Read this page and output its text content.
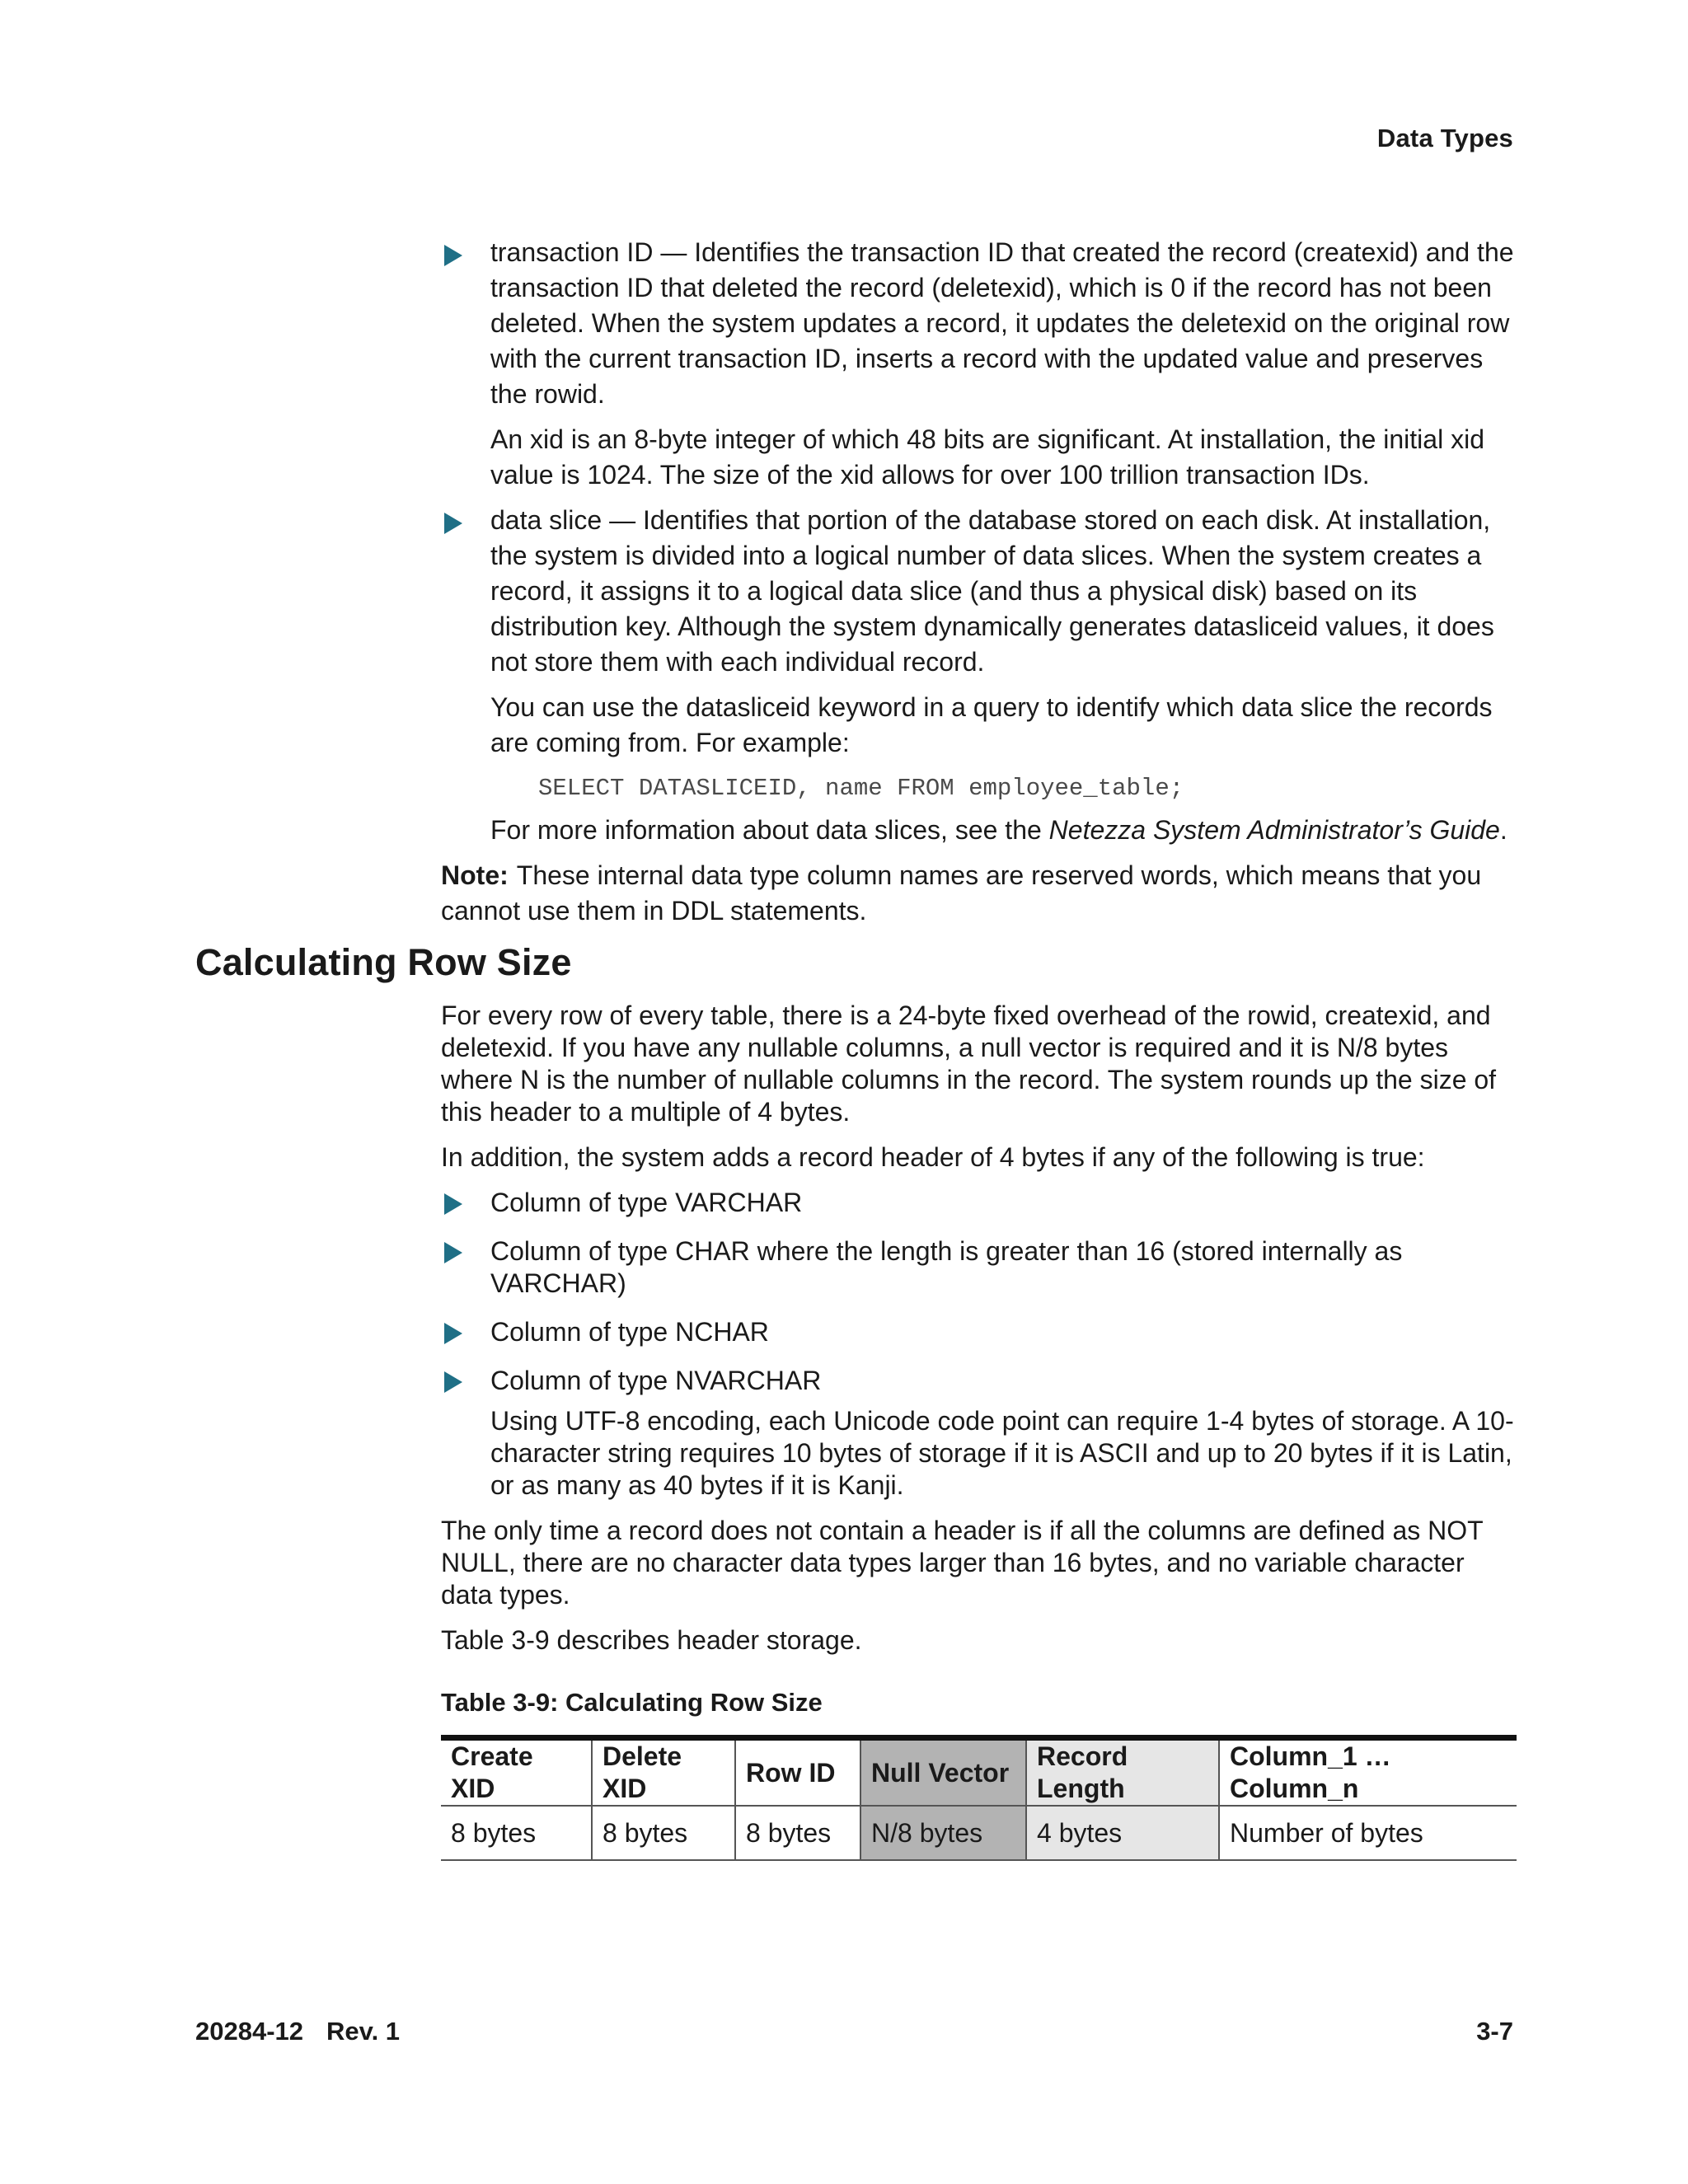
Data Types
transaction ID — Identifies the transaction ID that created the record (createxid) and the transaction ID that deleted the record (deletexid), which is 0 if the record has not been deleted. When the system updates a record, it updates the deletexid on the original row with the current transaction ID, inserts a record with the updated value and preserves the rowid.
An xid is an 8-byte integer of which 48 bits are significant. At installation, the initial xid value is 1024. The size of the xid allows for over 100 trillion transaction IDs.
data slice — Identifies that portion of the database stored on each disk. At installation, the system is divided into a logical number of data slices. When the system creates a record, it assigns it to a logical data slice (and thus a physical disk) based on its distribution key. Although the system dynamically generates datasliceid values, it does not store them with each individual record.
You can use the datasliceid keyword in a query to identify which data slice the records are coming from. For example:
SELECT DATASLICEID, name FROM employee_table;
For more information about data slices, see the Netezza System Administrator’s Guide.
Note: These internal data type column names are reserved words, which means that you cannot use them in DDL statements.
Calculating Row Size
For every row of every table, there is a 24-byte fixed overhead of the rowid, createxid, and deletexid. If you have any nullable columns, a null vector is required and it is N/8 bytes where N is the number of nullable columns in the record. The system rounds up the size of this header to a multiple of 4 bytes.
In addition, the system adds a record header of 4 bytes if any of the following is true:
Column of type VARCHAR
Column of type CHAR where the length is greater than 16 (stored internally as VARCHAR)
Column of type NCHAR
Column of type NVARCHAR
Using UTF-8 encoding, each Unicode code point can require 1-4 bytes of storage. A 10-character string requires 10 bytes of storage if it is ASCII and up to 20 bytes if it is Latin, or as many as 40 bytes if it is Kanji.
The only time a record does not contain a header is if all the columns are defined as NOT NULL, there are no character data types larger than 16 bytes, and no variable character data types.
Table 3-9 describes header storage.
Table 3-9: Calculating Row Size
Create XID	Delete XID	Row ID	Null Vector	Record Length	Column_1 …Column_n
8 bytes	8 bytes	8 bytes	N/8 bytes	4 bytes	Number of bytes
20284-12 Rev. 1	3-7
